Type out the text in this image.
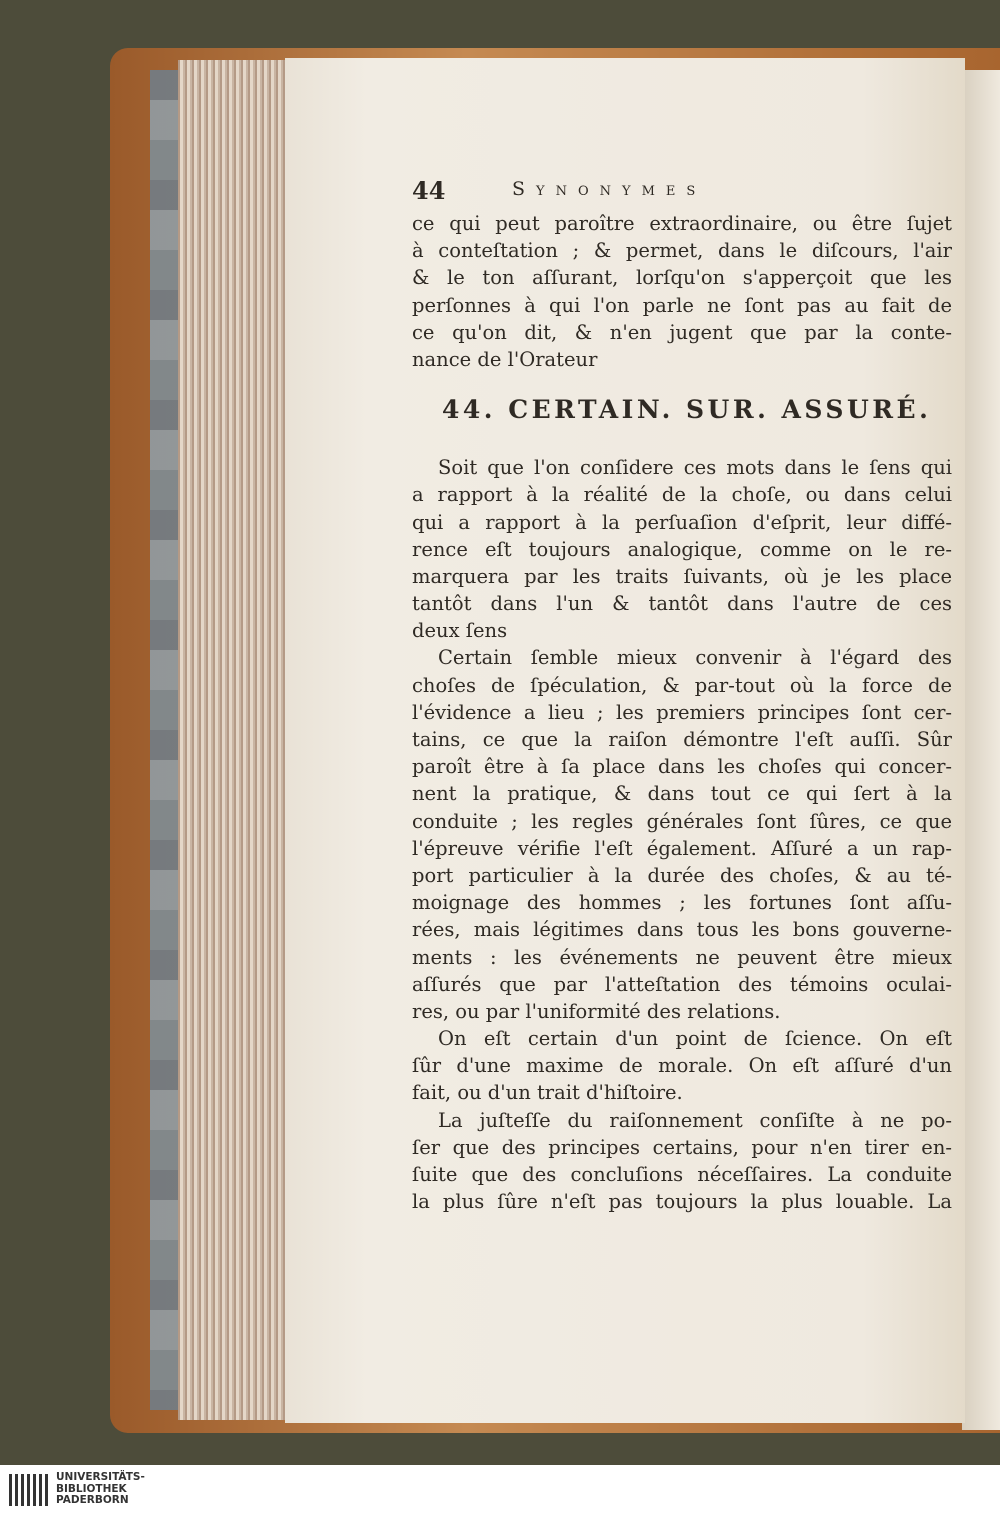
44	Synonymes
ce qui peut paroître extraordinaire, ou être ſujet
à conteſtation ; & permet, dans le diſcours, l'air
& le ton aſſurant, lorſqu'on s'apperçoit que les
perſonnes à qui l'on parle ne ſont pas au fait de
ce qu'on dit, & n'en jugent que par la conte-
nance de l'Orateur
44. CERTAIN. SUR. ASSURÉ.
Soit que l'on conſidere ces mots dans le ſens qui
a rapport à la réalité de la choſe, ou dans celui
qui a rapport à la perſuaſion d'eſprit, leur diffé-
rence eſt toujours analogique, comme on le re-
marquera par les traits ſuivants, où je les place
tantôt dans l'un & tantôt dans l'autre de ces
deux ſens
Certain ſemble mieux convenir à l'égard des
choſes de ſpéculation, & par-tout où la force de
l'évidence a lieu ; les premiers principes ſont cer-
tains, ce que la raiſon démontre l'eſt auſſi. Sûr
paroît être à ſa place dans les choſes qui concer-
nent la pratique, & dans tout ce qui ſert à la
conduite ; les regles générales ſont ſûres, ce que
l'épreuve vérifie l'eſt également. Aſſuré a un rap-
port particulier à la durée des choſes, & au té-
moignage des hommes ; les fortunes ſont aſſu-
rées, mais légitimes dans tous les bons gouverne-
ments : les événements ne peuvent être mieux
aſſurés que par l'atteſtation des témoins oculai-
res, ou par l'uniformité des relations.
On eſt certain d'un point de ſcience. On eſt
ſûr d'une maxime de morale. On eſt aſſuré d'un
fait, ou d'un trait d'hiſtoire.
La juſteſſe du raiſonnement conſiſte à ne po-
ſer que des principes certains, pour n'en tirer en-
ſuite que des concluſions néceſſaires. La conduite
la plus ſûre n'eſt pas toujours la plus louable. La
UNIVERSITÄTS-
BIBLIOTHEK
PADERBORN
